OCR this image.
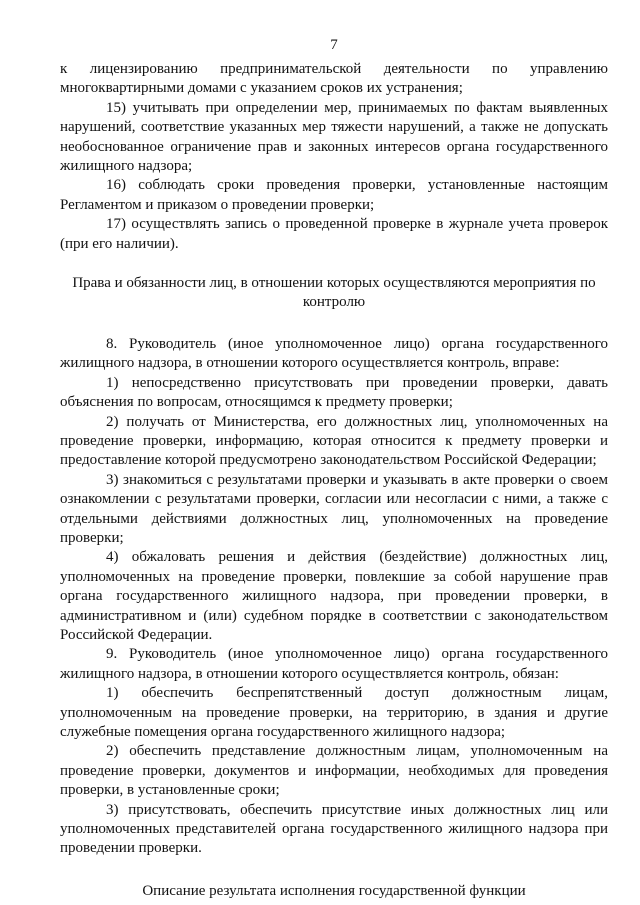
7

к лицензированию предпринимательской деятельности по управлению многоквартирными домами с указанием сроков их устранения;

15) учитывать при определении мер, принимаемых по фактам выявленных нарушений, соответствие указанных мер тяжести нарушений, а также не допускать необоснованное ограничение прав и законных интересов органа государственного жилищного надзора;

16) соблюдать сроки проведения проверки, установленные настоящим Регламентом и приказом о проведении проверки;

17) осуществлять запись о проведенной проверке в журнале учета проверок (при его наличии).

Права и обязанности лиц, в отношении которых осуществляются мероприятия по контролю

8. Руководитель (иное уполномоченное лицо) органа государственного жилищного надзора, в отношении которого осуществляется контроль, вправе:

1) непосредственно присутствовать при проведении проверки, давать объяснения по вопросам, относящимся к предмету проверки;

2) получать от Министерства, его должностных лиц, уполномоченных на проведение проверки, информацию, которая относится к предмету проверки и предоставление которой предусмотрено законодательством Российской Федерации;

3) знакомиться с результатами проверки и указывать в акте проверки о своем ознакомлении с результатами проверки, согласии или несогласии с ними, а также с отдельными действиями должностных лиц, уполномоченных на проведение проверки;

4) обжаловать решения и действия (бездействие) должностных лиц, уполномоченных на проведение проверки, повлекшие за собой нарушение прав органа государственного жилищного надзора, при проведении проверки, в административном и (или) судебном порядке в соответствии с законодательством Российской Федерации.

9. Руководитель (иное уполномоченное лицо) органа государственного жилищного надзора, в отношении которого осуществляется контроль, обязан:

1) обеспечить беспрепятственный доступ должностным лицам, уполномоченным на проведение проверки, на территорию, в здания и другие служебные помещения органа государственного жилищного надзора;

2) обеспечить представление должностным лицам, уполномоченным на проведение проверки, документов и информации, необходимых для проведения проверки, в установленные сроки;

3) присутствовать, обеспечить присутствие иных должностных лиц или уполномоченных представителей органа государственного жилищного надзора при проведении проверки.

Описание результата исполнения государственной функции
